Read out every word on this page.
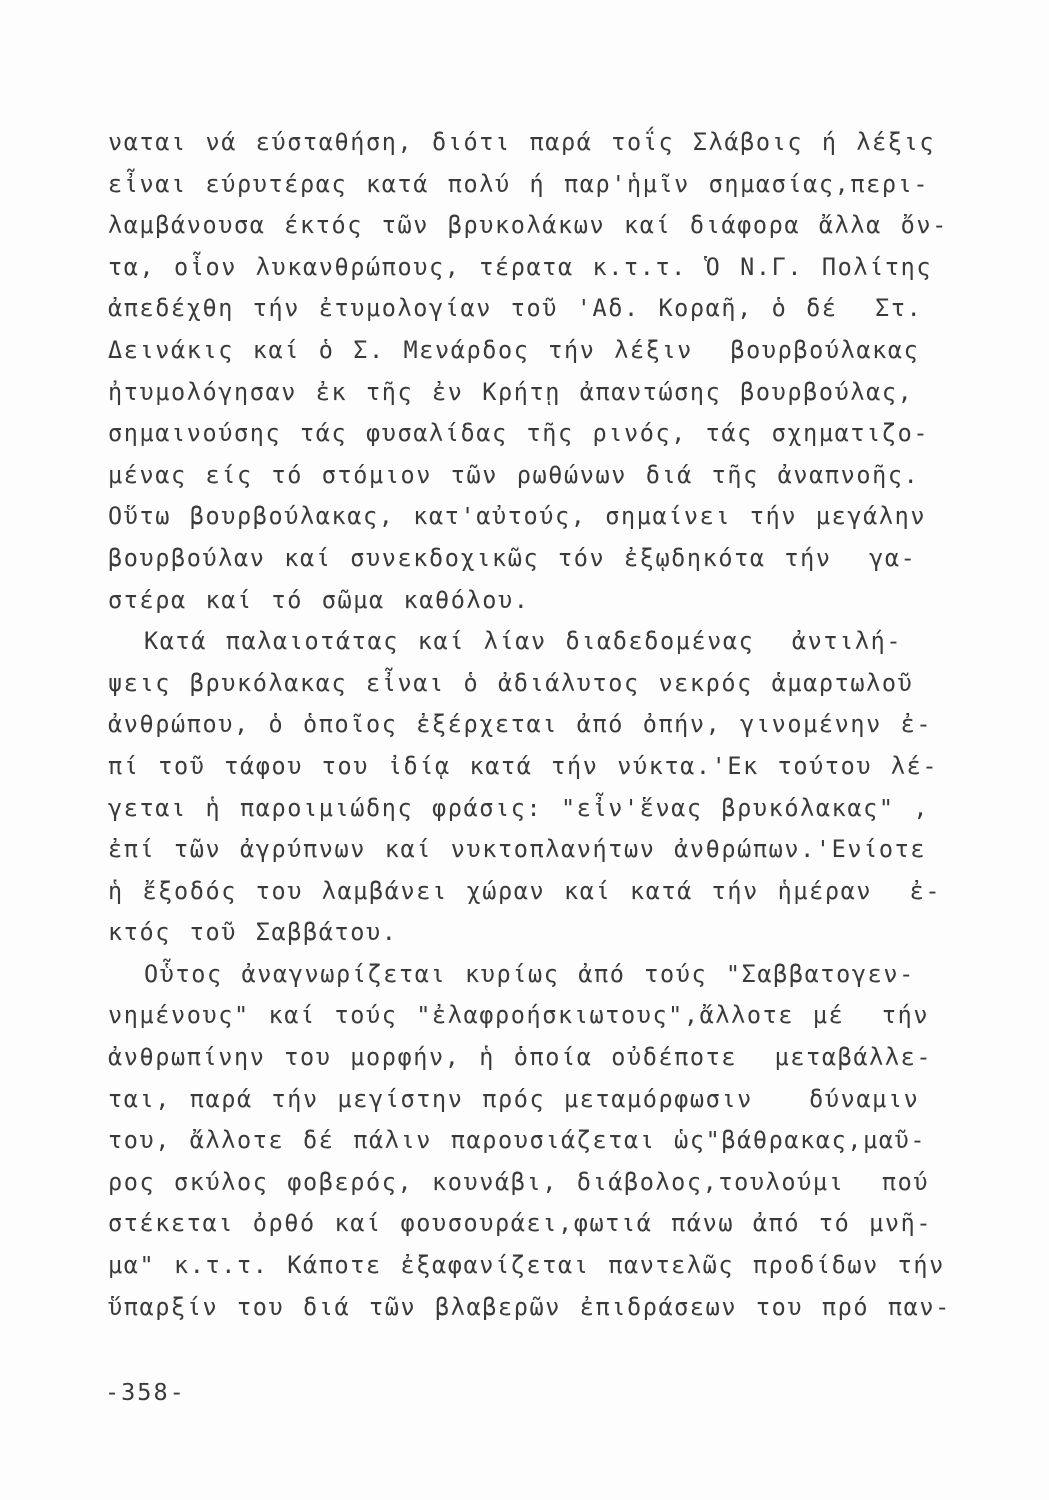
ναται νά εύσταθήση, διότι παρά τοΐς Σλάβοις ή λέξις
εἶναι εύρυτέρας κατά πολύ ή παρ'ἡμῖν σημασίας,περι-
λαμβάνουσα έκτός τῶν βρυκολάκων καί διάφορα ἄλλα ὄν-
τα, οἷον λυκανθρώπους, τέρατα κ.τ.τ. Ὁ Ν.Γ. Πολίτης
ἀπεδέχθη τήν ἐτυμολογίαν τοῦ 'Αδ. Κοραῆ, ὁ δέ  Στ.
Δεινάκις καί ὁ Σ. Μενάρδος τήν λέξιν  βουρβούλακας
ἠτυμολόγησαν ἐκ τῆς ἐν Κρήτῃ ἀπαντώσης βουρβούλας,
σημαινούσης τάς φυσαλίδας τῆς ρινός, τάς σχηματιζο-
μένας είς τό στόμιον τῶν ρωθώνων διά τῆς ἀναπνοῆς.
Οὕτω βουρβούλακας, κατ'αὐτούς, σημαίνει τήν μεγάλην
βουρβούλαν καί συνεκδοχικῶς τόν ἐξῳδηκότα τήν  γα-
στέρα καί τό σῶμα καθόλου.
Κατά παλαιοτάτας καί λίαν διαδεδομένας  ἀντιλή-
ψεις βρυκόλακας εἶναι ὁ ἀδιάλυτος νεκρός ἁμαρτωλοῦ
ἀνθρώπου, ὁ ὁποῖος ἐξέρχεται ἀπό ὀπήν, γινομένην ἐ-
πί τοῦ τάφου του ἰδίᾳ κατά τήν νύκτα.'Εκ τούτου λέ-
γεται ἡ παροιμιώδης φράσις: "εἶν'ἕνας βρυκόλακας" ,
ἐπί τῶν ἀγρύπνων καί νυκτοπλανήτων ἀνθρώπων.'Ενίοτε
ἡ ἔξοδός του λαμβάνει χώραν καί κατά τήν ἡμέραν  ἐ-
κτός τοῦ Σαββάτου.
Οὗτος ἀναγνωρίζεται κυρίως ἀπό τούς "Σαββατογεν-
νημένους" καί τούς "ἐλαφροήσκιωτους",ἄλλοτε μέ  τήν
ἀνθρωπίνην του μορφήν, ἡ ὁποία οὐδέποτε  μεταβάλλε-
ται, παρά τήν μεγίστην πρός μεταμόρφωσιν   δύναμιν
του, ἄλλοτε δέ πάλιν παρουσιάζεται ὡς"βάθρακας,μαῦ-
ρος σκύλος φοβερός, κουνάβι, διάβολος,τουλούμι  πού
στέκεται ὀρθό καί φουσουράει,φωτιά πάνω ἀπό τό μνῆ-
μα" κ.τ.τ. Κάποτε ἐξαφανίζεται παντελῶς προδίδων τήν
ὕπαρξίν του διά τῶν βλαβερῶν ἐπιδράσεων του πρό παν-
-358-
